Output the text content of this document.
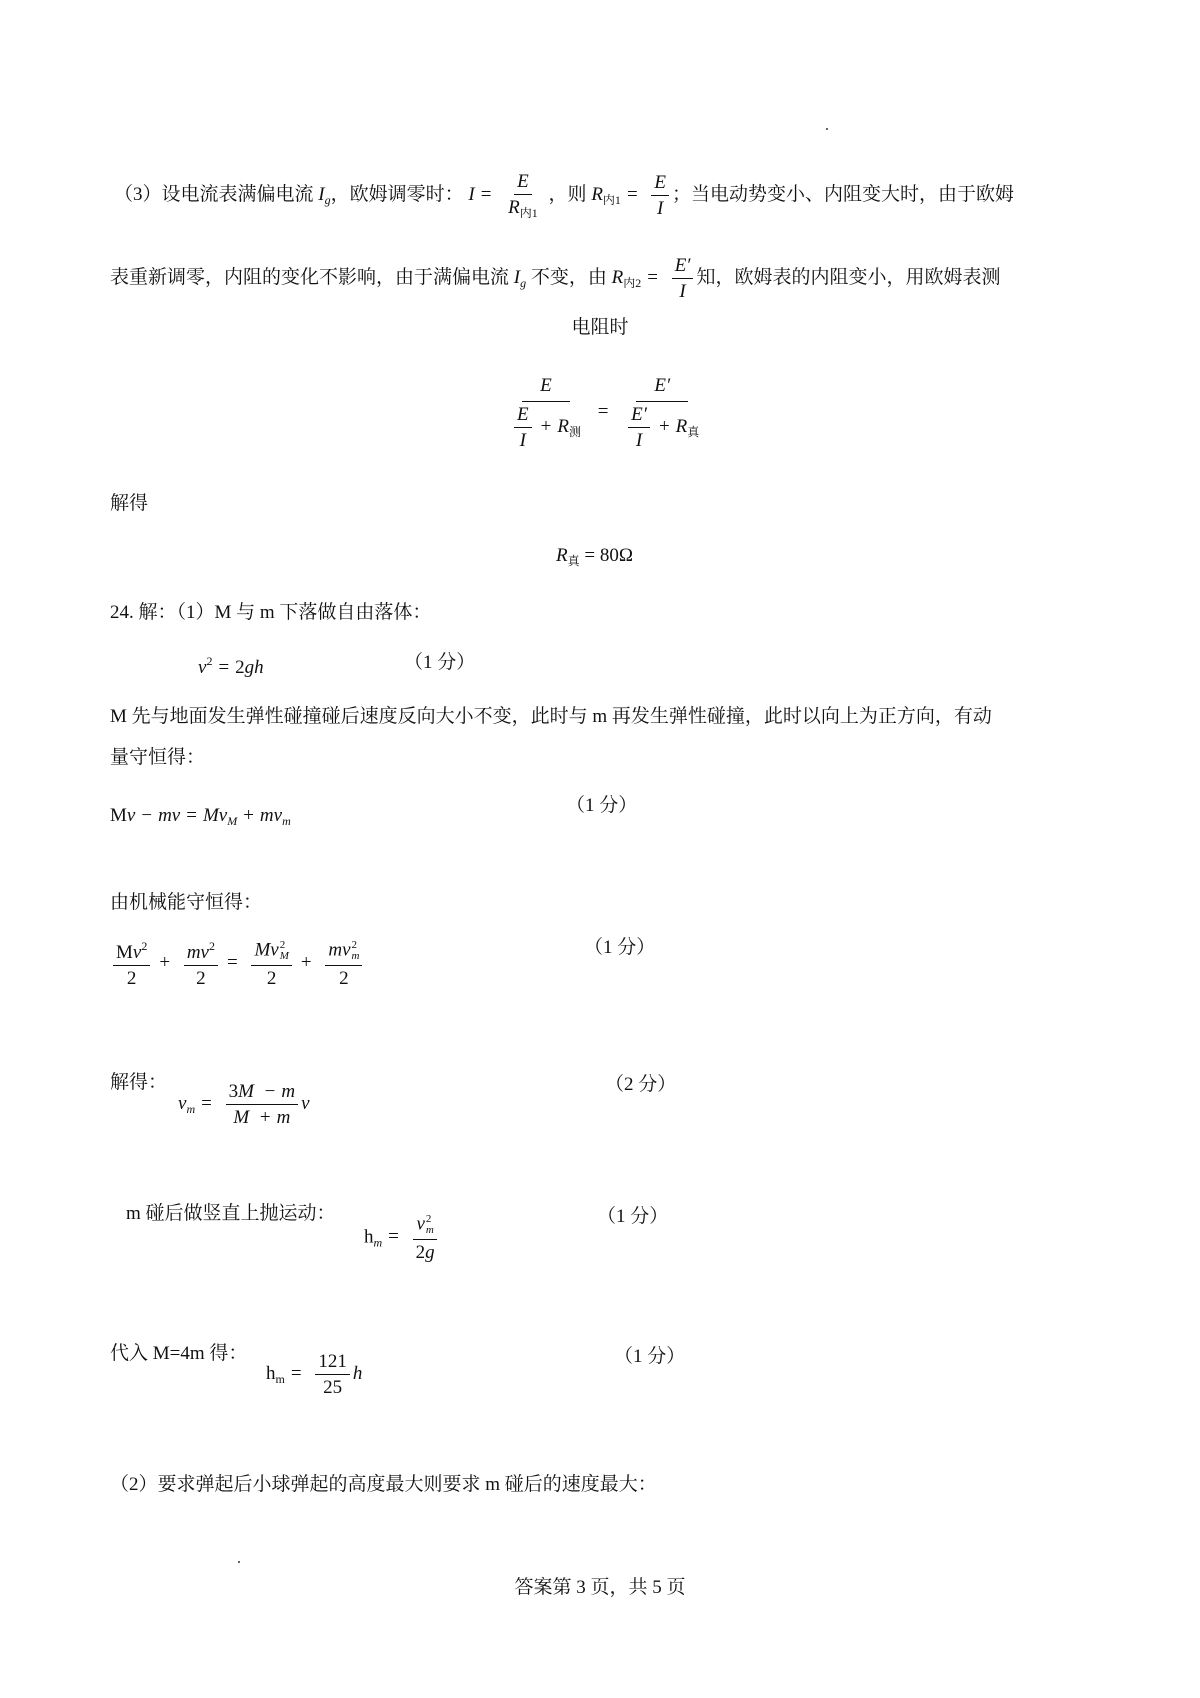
（3）设电流表满偏电流 $I_g$，欧姆调零时： $I = \frac{E}{R_{内1}}$ ，则 $R_{内1} = \frac{E}{I}$ ；当电动势变小、内阻变大时，由于欧姆
表重新调零，内阻的变化不影响，由于满偏电流 $I_g$ 不变，由 $R_{内2} = \frac{E'}{I}$ 知，欧姆表的内阻变小，用欧姆表测
电阻时
$\frac{E}{\frac{E}{I} + R_测} = \frac{E'}{\frac{E'}{I} + R_真}$
解得
$R_真 = 80\Omega$
24. 解：（1）M 与 m 下落做自由落体：
$v^2 = 2gh$	（1 分）
M 先与地面发生弹性碰撞碰后速度反向大小不变，此时与 m 再发生弹性碰撞，此时以向上为正方向，有动
量守恒得：
Mv − mv = $Mv_M + mv_m$
（1 分）
由机械能守恒得：
$\frac{Mv^2}{2} + \frac{mv^2}{2} = Mv$ 2
M
2 + mv 2
m
2	（1 分）
解得：
$v_m = \frac{3M - m}{M + m}$ v
（2 分）
m 碰后做竖直上抛运动：
$h_m = v$ 2
m
2g	（1 分）
代入 M=4m 得：
$h_m = \frac{121}{25}$ h
（1 分）
（2）要求弹起后小球弹起的高度最大则要求 m 碰后的速度最大：
答案第 3 页，共 5 页
